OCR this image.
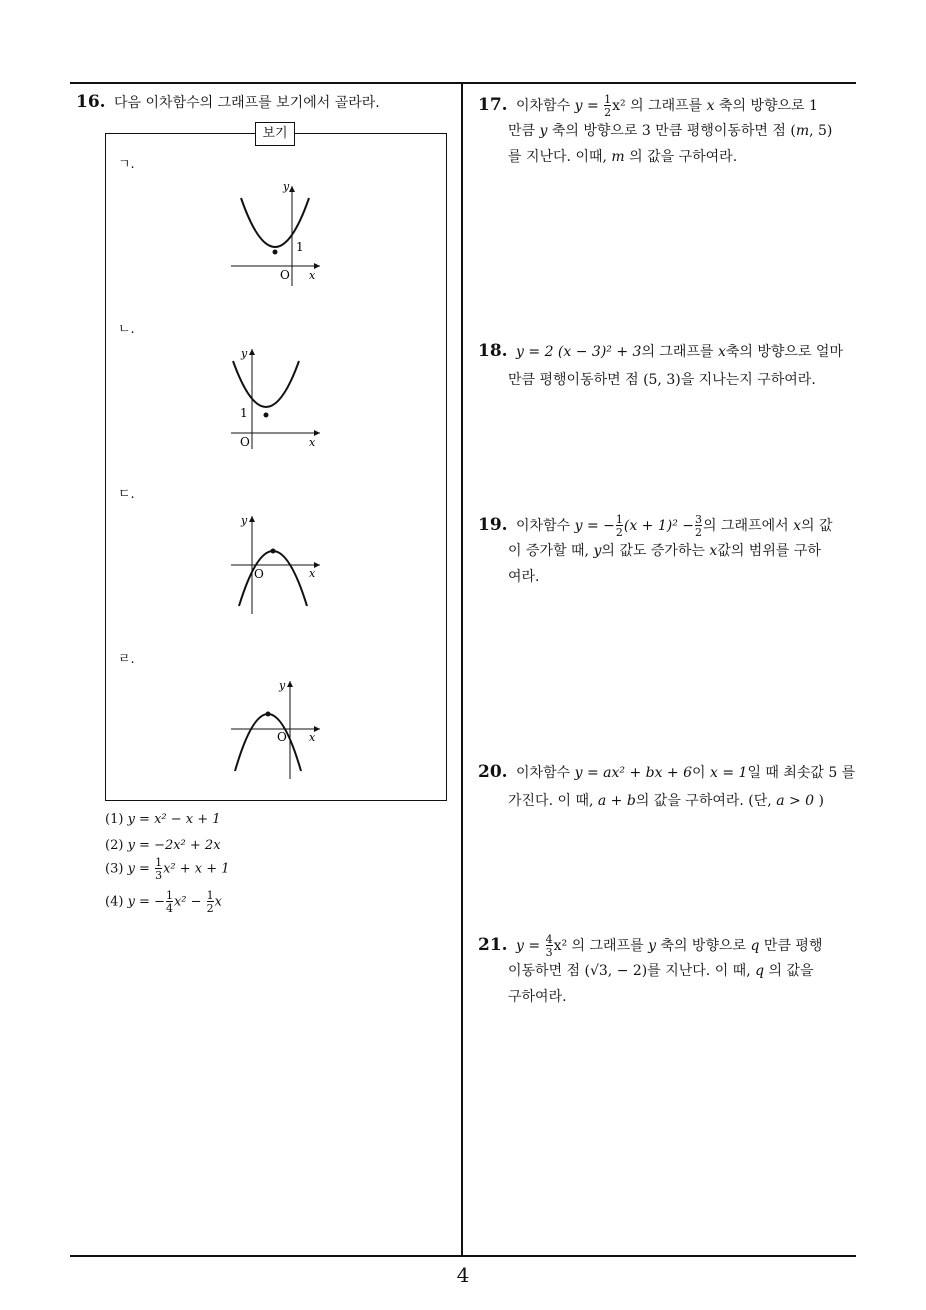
4
16. 다음 이차함수의 그래프를 보기에서 골라라.
보기
ㄱ.
ㄴ.
ㄷ.
ㄹ.
y
x
O
1
y
x
O
1
y
x
O
y
x
O
(1) y = x² − x + 1
(2) y = −2x² + 2x
(3) $y = \frac{1}{3} x^2 + x + 1$
(4) y = − $\frac{1}{4} x^2 - \frac{1}{2}$ x
17. 이차함수 $y = \frac{1}{2} x^2$ 의 그래프를 x 축의 방향으로 1
만큼 y 축의 방향으로 3 만큼 평행이동하면 점 (m, 5)
를 지난다. 이때, m 의 값을 구하여라.
18. y = 2 (x − 3)² + 3의 그래프를 x축의 방향으로 얼마
만큼 평행이동하면 점 (5, 3)을 지나는지 구하여라.
19. 이차함수 y = − $\frac{1}{2} (x + 1)^2 - \frac{3}{2}$ 의 그래프에서 x의 값
이 증가할 때, y의 값도 증가하는 x값의 범위를 구하
여라.
20. 이차함수 y = ax² + bx + 6이 x = 1일 때 최솟값 5 를
가진다. 이 때, a + b의 값을 구하여라. (단, a > 0 )
21. $y = \frac{4}{3} x^2$ 의 그래프를 y 축의 방향으로 q 만큼 평행
이동하면 점 (√3, − 2)를 지난다. 이 때, q 의 값을
구하여라.
